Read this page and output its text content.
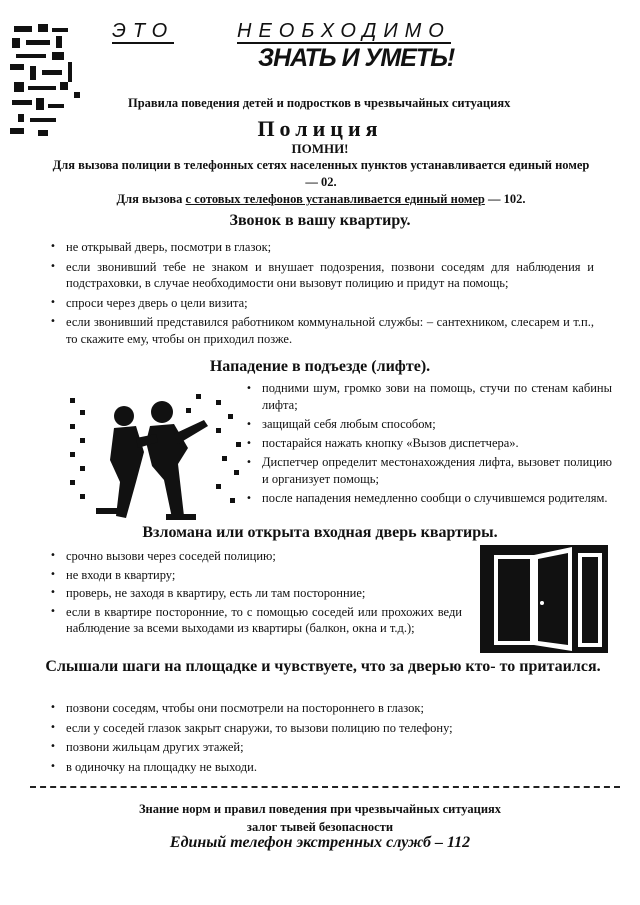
ЭТО	НЕОБХОДИМО
ЗНАТЬ И УМЕТЬ!
Правила поведения детей и подростков в чрезвычайных ситуациях
Полиция
ПОМНИ!
Для вызова полиции в телефонных сетях населенных пунктов устанавливается единый номер — 02.
Для вызова с сотовых телефонов устанавливается единый номер — 102.
Звонок в вашу квартиру.
• не открывай дверь, посмотри в глазок;
• если звонивший тебе не знаком и внушает подозрения, позвони соседям для наблюдения и подстраховки, в случае необходимости они вызовут полицию и придут на помощь;
• спроси через дверь о цели визита;
• если звонивший представился работником коммунальной службы: – сантехником, слесарем и т.п., то скажите ему, чтобы он приходил позже.
Нападение в подъезде (лифте).
• подними шум, громко зови на помощь, стучи по стенам кабины лифта;
• защищай себя любым способом;
• постарайся нажать кнопку «Вызов диспетчера».
• Диспетчер определит местонахождения лифта, вызовет полицию и организует помощь;
• после нападения немедленно сообщи о случившемся родителям.
Взломана или открыта входная дверь квартиры.
• срочно вызови через соседей полицию;
• не входи в квартиру;
• проверь, не заходя в квартиру, есть ли там посторонние;
• если в квартире посторонние, то с помощью соседей или прохожих веди наблюдение за всеми выходами из квартиры (балкон, окна и т.д.);
Слышали шаги на площадке и чувствуете, что за дверью кто- то притаился.
• позвони соседям, чтобы они посмотрели на постороннего в глазок;
• если у соседей глазок закрыт снаружи, то вызови полицию по телефону;
• позвони жильцам других этажей;
• в одиночку на площадку не выходи.
Знание норм и правил поведения при чрезвычайных ситуациях
залог тывей безопасности
Единый телефон экстренных служб – 112
